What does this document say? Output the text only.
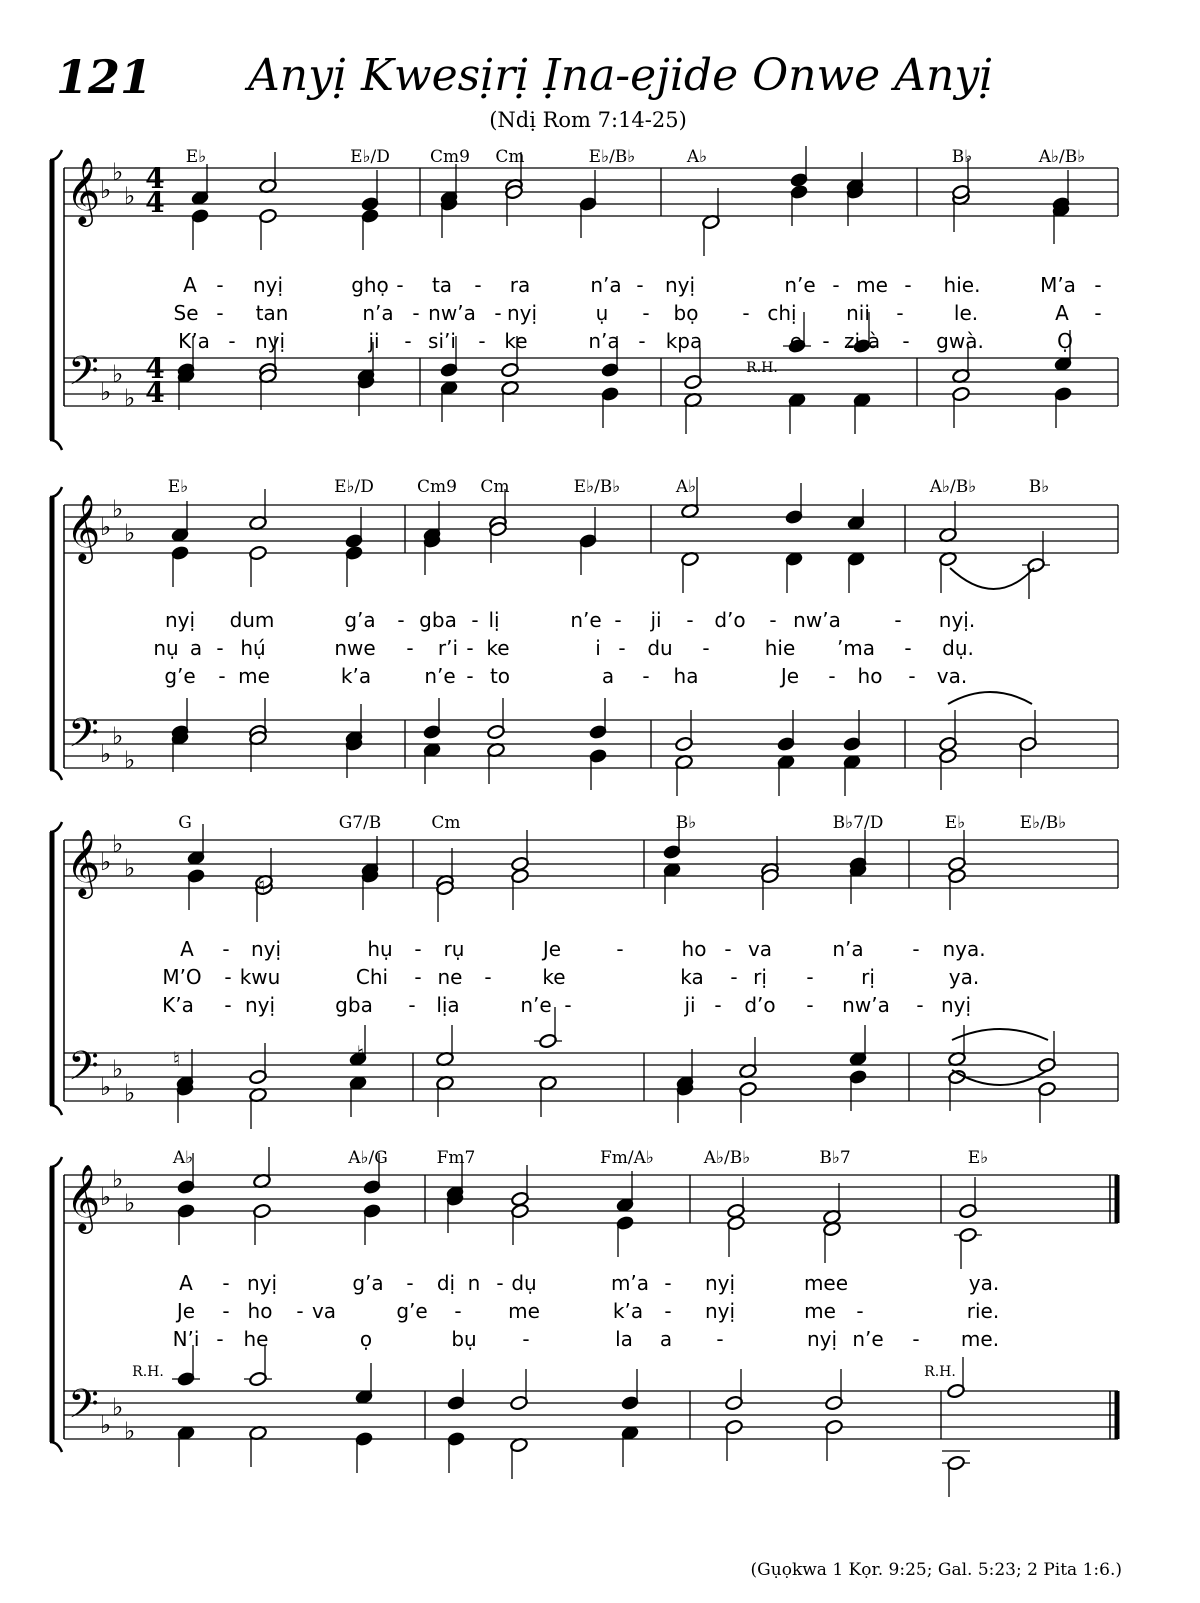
121 Anyị Kwesịrị Ịna-ejide Onwe Anyị
(Ndị Rom 7:14-25)
𝄞
𝄢
♭
♭
♭
♭
♭
♭
4
4
4
4
E♭	E♭/D Cm9 Cm	E♭/B♭	A♭	B♭	A♭/B♭
A - nyị	ghọ - ta - ra	n’a - nyị	n’e - me - hie.	M’a -
Se - tan	n’a - nw’a - nyị	ụ - bọ - chị nii -	le.	A -
K’a - nyị	ji - si’i - ke	n’a - kpa	e - zi à - gwà.	Ọ
𝄞
𝄢
♭
♭
♭
♭
♭
♭
E♭	E♭/D	Cm9 Cm	E♭/B♭	A♭	A♭/B♭	B♭
nyị dum	g’a - gba - lị	n’e - ji - d’o - nw’a	- nyị.
nụ a - hụ́	nwe - r’i - ke	i - du -	hie ’ma - dụ.
g’e - me	k’a	n’e - to	a - ha	Je - ho - va.
𝄞
𝄢
♭
♭
♭
♭
♭
♭
G	G7/B	Cm	B♭	B♭7/D	E♭	E♭/B♭
A - nyị	hụ - rụ	Je	-	ho - va	n’a - nya.
M’O - kwu	Chi - ne -	ke	ka - rị - rị	ya.
K’a - nyị	gba - lịa	n’e -	ji - d’o - nw’a - nyị
𝄞
𝄢
♭
♭
♭
♭
♭
♭
A♭	A♭/G	Fm7	Fm/A♭	A♭/B♭	B♭7	E♭
A - nyị	g’a - dị n - dụ	m’a - nyị	mee	ya.
Je - ho - va	g’e - me	k’a - nyị	me -	rie.
N’i - he	ọ	bụ -	la a -	nyị n’e - me.
♮
♮
♮
R.H.
R.H.	R.H.
(Gụọkwa 1 Kọr. 9:25; Gal. 5:23; 2 Pita 1:6.)
